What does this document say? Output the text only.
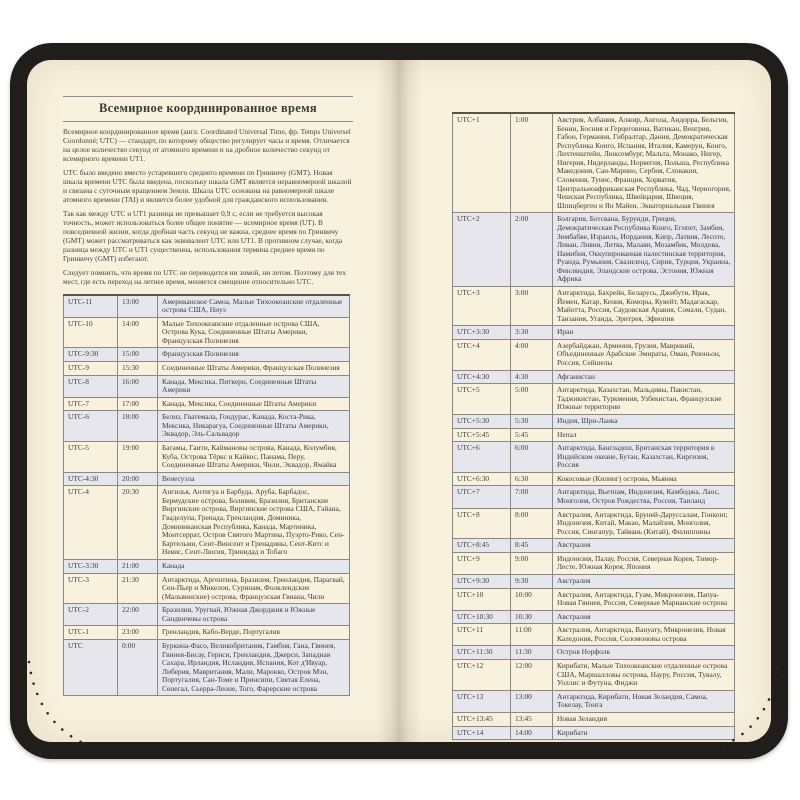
Всемирное координированное время

Всемирное координированное время (англ. Coordinated Universal Time, фр. Temps Universel Coordonné; UTC) — стандарт, по которому общество регулирует часы и время. Отличается на целое количество секунд от атомного времени и на дробное количество секунд от всемирного времени UT1.

UTC было введено вместо устаревшего среднего времени по Гринвичу (GMT). Новая шкала времени UTC была введена, поскольку шкала GMT является неравномерной шкалой и связана с суточным вращением Земли. Шкала UTC основана на равномерной шкале атомного времени (TAI) и является более удобной для гражданского использования.

Так как между UTC и UT1 разница не превышает 0,9 с, если не требуется высокая точность, может использоваться более общее понятие — всемирное время (UT). В повседневной жизни, когда дробная часть секунд не важна, среднее время по Гринвичу (GMT) может рассматриваться как эквивалент UTC или UT1. В противном случае, когда разница между UTC и UT1 существенна, использования термина среднее время по Гринвичу (GMT) избегают.

Следует помнить, что время по UTC не переводится ни зимой, ни летом. Поэтому для тех мест, где есть переход на летнее время, меняется смещение относительно UTC.

UTC-11	13:00	Американское Самоа, Малые Тихоокеанские отдаленные острова США, Ниуэ
UTC-10	14:00	Малые Тихоокеанские отдаленные острова США, Острова Кука, Соединенные Штаты Америки, Французская Полинезия
UTC-9:30	15:00	Французская Полинезия
UTC-9	15:30	Соединенные Штаты Америки, Французская Полинезия
UTC-8	16:00	Канада, Мексика, Питкерн, Соединенные Штаты Америки
UTC-7	17:00	Канада, Мексика, Соединенные Штаты Америки
UTC-6	18:00	Белиз, Гватемала, Гондурас, Канада, Коста-Рика, Мексика, Никарагуа, Соединенные Штаты Америки, Эквадор, Эль-Сальвадор
UTC-5	19:00	Багамы, Гаити, Каймановы острова, Канада, Колумбия, Куба, Острова Тёркс и Кайкос, Панама, Перу, Соединенные Штаты Америки, Чили, Эквадор, Ямайка
UTC-4:30	20:00	Венесуэла
UTC-4	20:30	Ангилья, Антигуа и Барбуда, Аруба, Барбадос, Бермудские острова, Боливия, Бразилия, Британские Виргинские острова, Виргинские острова США, Гайана, Гваделупа, Гренада, Гренландия, Доминика, Доминиканская Республика, Канада, Мартиника, Монтсеррат, Остров Святого Мартина, Пуэрто-Рико, Сен-Бартельми, Сент-Винсент и Гренадины, Сент-Китс и Невис, Сент-Люсия, Тринидад и Тобаго
UTC-3:30	21:00	Канада
UTC-3	21:30	Антарктида, Аргентина, Бразилия, Гренландия, Парагвай, Сен-Пьер и Микелон, Суринам, Фолклендские (Мальвинские) острова, Французская Гвиана, Чили
UTC-2	22:00	Бразилия, Уругвай, Южная Джорджия и Южные Сандвичевы острова
UTC-1	23:00	Гренландия, Кабо-Верде, Португалия
UTC	0:00	Буркина-Фасо, Великобритания, Гамбия, Гана, Гвинея, Гвинея-Бисау, Гернси, Гренландия, Джерси, Западная Сахара, Ирландия, Исландия, Испания, Кот д'Ивуар, Либерия, Мавритания, Мали, Марокко, Остров Мэн, Португалия, Сан-Томе и Принсипи, Святая Елена, Сенегал, Сьерра-Леоне, Того, Фарерские острова
UTC+1	1:00	Австрия, Албания, Алжир, Ангола, Андорра, Бельгия, Бенин, Босния и Герцеговина, Ватикан, Венгрия, Габон, Германия, Гибралтар, Дания, Демократическая Республика Конго, Испания, Италия, Камерун, Конго, Лихтенштейн, Люксембург, Мальта, Монако, Нигер, Нигерия, Нидерланды, Норвегия, Польша, Республика Македония, Сан-Марино, Сербия, Словакия, Словения, Тунис, Франция, Хорватия, Центральноафриканская Республика, Чад, Черногория, Чешская Республика, Швейцария, Швеция, Шпицберген и Ян Майен, Экваториальная Гвинея
UTC+2	2:00	Болгария, Ботсвана, Бурунди, Греция, Демократическая Республика Конго, Египет, Замбия, Зимбабве, Израиль, Иордания, Кипр, Латвия, Лесото, Ливан, Ливия, Литва, Малави, Мозамбик, Молдова, Намибия, Оккупированная палестинская территория, Руанда, Румыния, Свазиленд, Сирия, Турция, Украина, Финляндия, Эландские острова, Эстония, Южная Африка
UTC+3	3:00	Антарктида, Бахрейн, Беларусь, Джибути, Ирак, Йемен, Катар, Кения, Коморы, Кувейт, Мадагаскар, Майотта, Россия, Саудовская Аравия, Сомали, Судан, Танзания, Уганда, Эритрея, Эфиопия
UTC+3:30	3:30	Иран
UTC+4	4:00	Азербайджан, Армения, Грузия, Маврикий, Объединенные Арабские Эмираты, Оман, Реюньон, Россия, Сейшелы
UTC+4:30	4:30	Афганистан
UTC+5	5:00	Антарктида, Казахстан, Мальдивы, Пакистан, Таджикистан, Туркмения, Узбекистан, Французские Южные территории
UTC+5:30	5:30	Индия, Шри-Ланка
UTC+5:45	5:45	Непал
UTC+6	6:00	Антарктида, Бангладеш, Британская территория в Индийском океане, Бутан, Казахстан, Киргизия, Россия
UTC+6:30	6:30	Кокосовые (Килинг) острова, Мьянма
UTC+7	7:00	Антарктида, Вьетнам, Индонезия, Камбоджа, Лаос, Монголия, Остров Рождества, Россия, Таиланд
UTC+8	8:00	Австралия, Антарктида, Бруней-Даруссалам, Гонконг, Индонезия, Китай, Макао, Малайзия, Монголия, Россия, Сингапур, Тайвань (Китай), Филиппины
UTC+8:45	8:45	Австралия
UTC+9	9:00	Индонезия, Палау, Россия, Северная Корея, Тимор-Лесте, Южная Корея, Япония
UTC+9:30	9:30	Австралия
UTC+10	10:00	Австралия, Антарктида, Гуам, Микронезия, Папуа-Новая Гвинея, Россия, Северные Марианские острова
UTC+10:30	10:30	Австралия
UTC+11	11:00	Австралия, Антарктида, Вануату, Микронезия, Новая Каледония, Россия, Соломоновы острова
UTC+11:30	11:30	Остров Норфолк
UTC+12	12:00	Кирибати, Малые Тихоокеанские отдаленные острова США, Маршалловы острова, Науру, Россия, Тувалу, Уоллис и Футуна, Фиджи
UTC+13	13:00	Антарктида, Кирибати, Новая Зеландия, Самоа, Токелау, Тонга
UTC+13:45	13:45	Новая Зеландия
UTC+14	14:00	Кирибати
